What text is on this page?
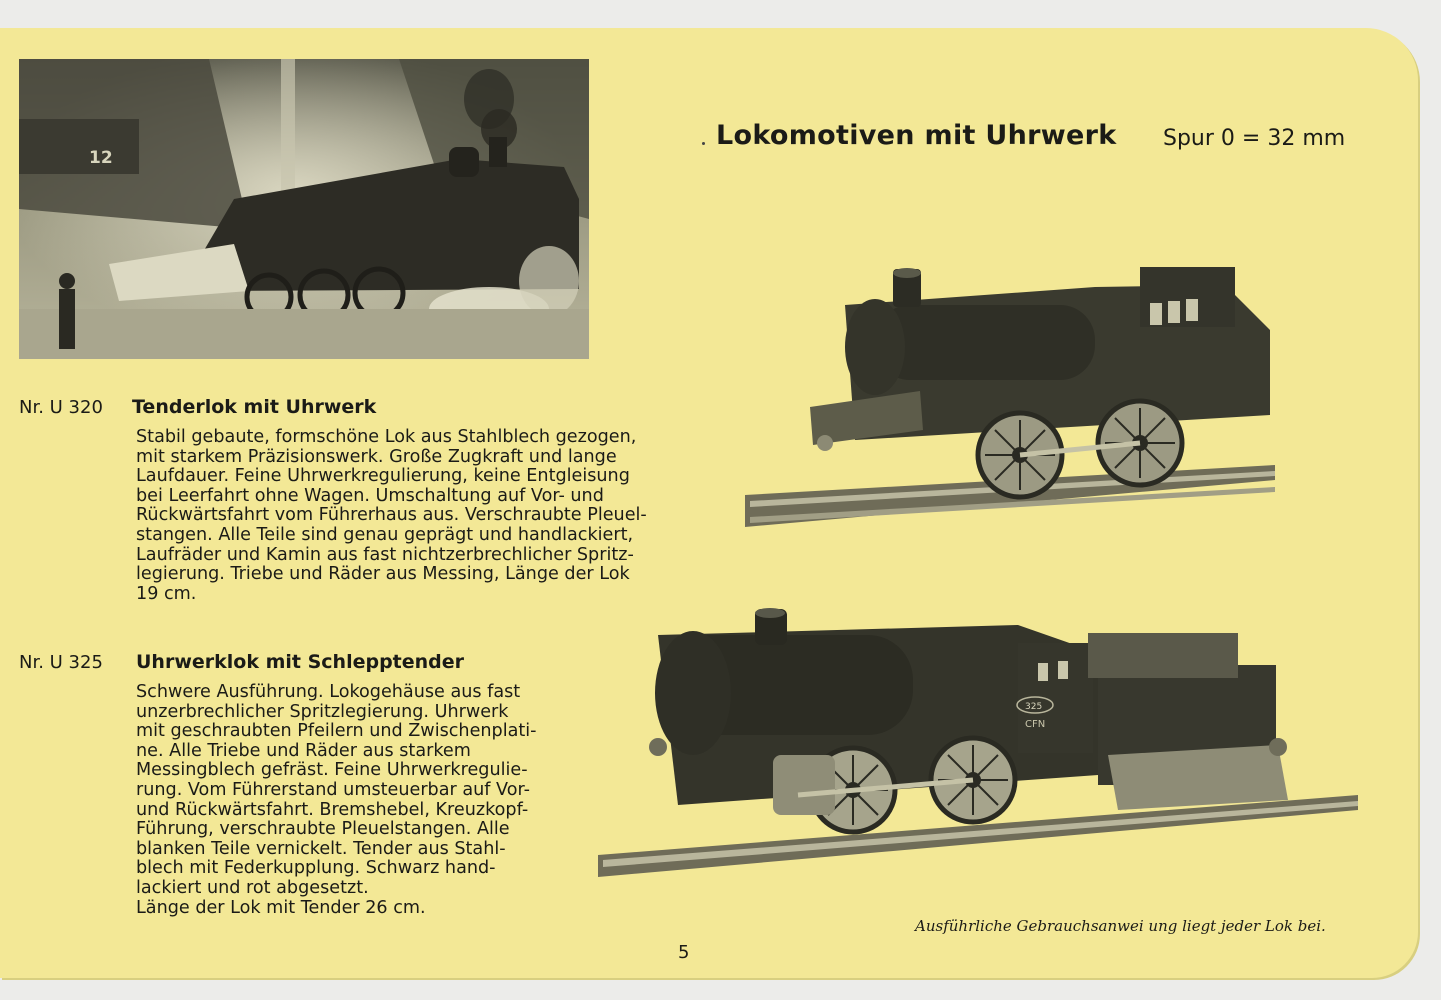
12
Lokomotiven mit Uhrwerk Spur 0 = 32 mm
Nr. U 320 Tenderlok mit Uhrwerk
Stabil gebaute, formschöne Lok aus Stahlblech gezogen,
mit starkem Präzisionswerk. Große Zugkraft und lange
Laufdauer. Feine Uhrwerkregulierung, keine Entgleisung
bei Leerfahrt ohne Wagen. Umschaltung auf Vor- und
Rückwärtsfahrt vom Führerhaus aus. Verschraubte Pleuel-
stangen. Alle Teile sind genau geprägt und handlackiert,
Laufräder und Kamin aus fast nichtzerbrechlicher Spritz-
legierung. Triebe und Räder aus Messing, Länge der Lok
19 cm.
Nr. U 325 Uhrwerklok mit Schlepptender
Schwere Ausführung. Lokogehäuse aus fast
unzerbrechlicher Spritzlegierung. Uhrwerk
mit geschraubten Pfeilern und Zwischenplati-
ne. Alle Triebe und Räder aus starkem
Messingblech gefräst. Feine Uhrwerkregulie-
rung. Vom Führerstand umsteuerbar auf Vor-
und Rückwärtsfahrt. Bremshebel, Kreuzkopf-
Führung, verschraubte Pleuelstangen. Alle
blanken Teile vernickelt. Tender aus Stahl-
blech mit Federkupplung. Schwarz hand-
lackiert und rot abgesetzt.
Länge der Lok mit Tender 26 cm.
325
CFN
Ausführliche Gebrauchsanwei ung liegt jeder Lok bei.
5
